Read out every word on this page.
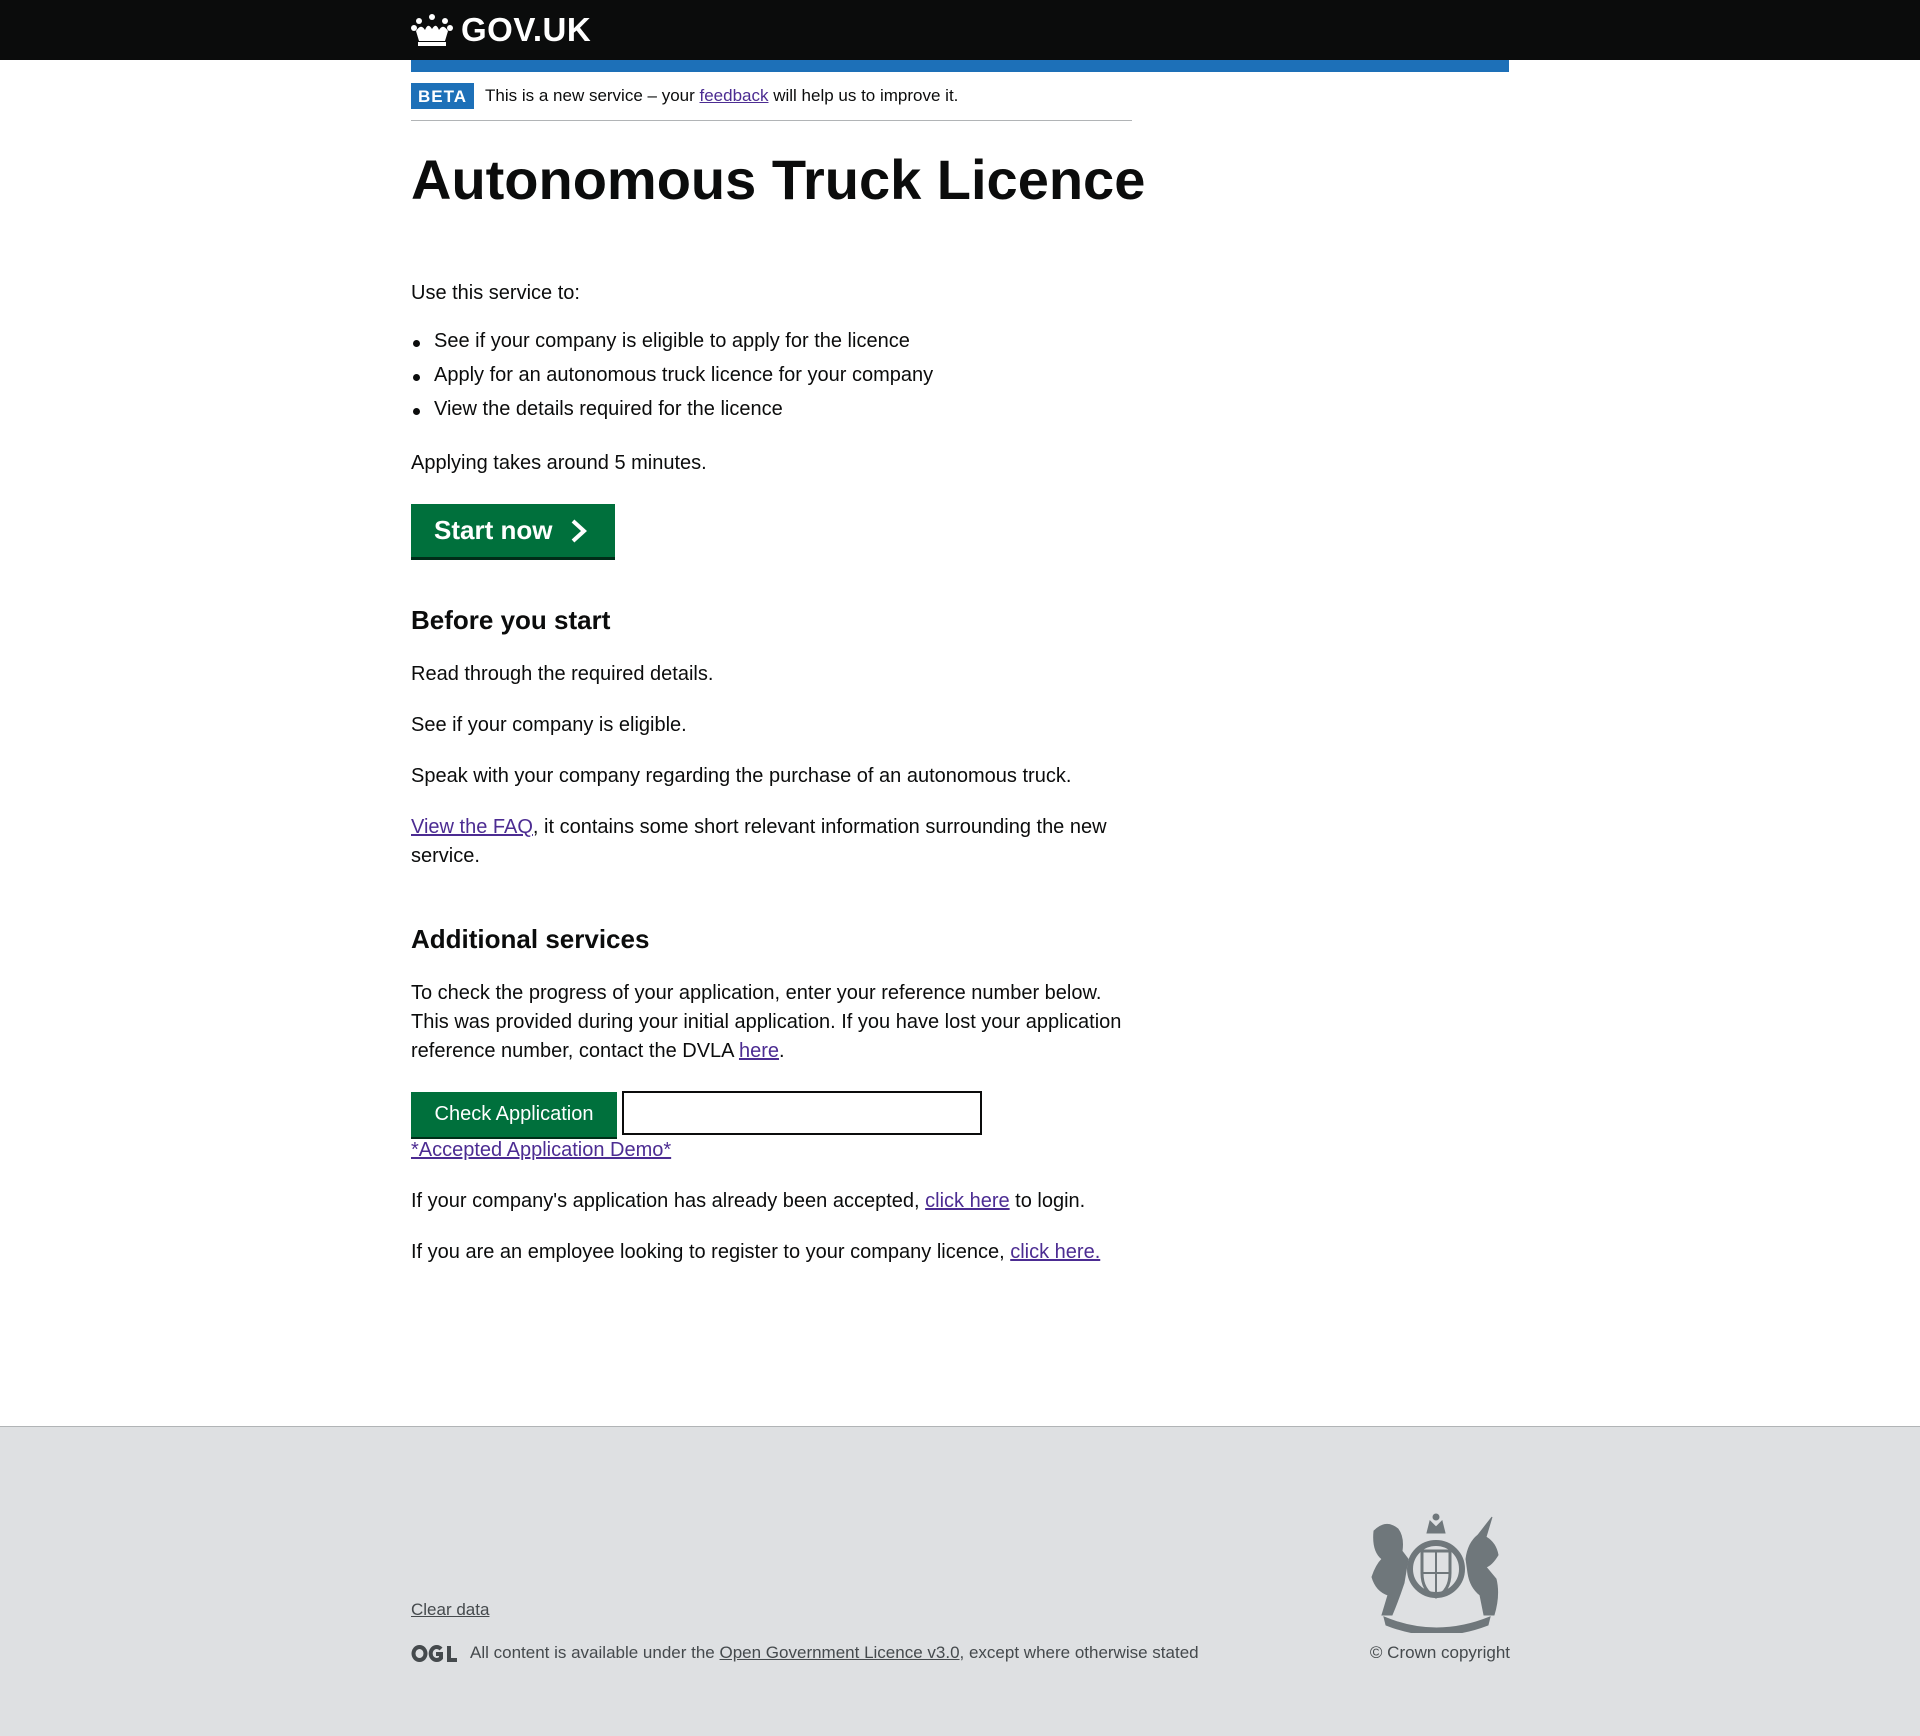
GOV.UK
BETA	This is a new service – your feedback will help us to improve it.
Autonomous Truck Licence

Use this service to:

See if your company is eligible to apply for the licence
Apply for an autonomous truck licence for your company
View the details required for the licence

Applying takes around 5 minutes.

Start now
Before you start

Read through the required details.

See if your company is eligible.

Speak with your company regarding the purchase of an autonomous truck.

View the FAQ, it contains some short relevant information surrounding the new service.

Additional services

To check the progress of your application, enter your reference number below. This was provided during your initial application. If you have lost your application reference number, contact the DVLA here.

Check Application

*Accepted Application Demo*

If your company's application has already been accepted, click here to login.

If you are an employee looking to register to your company licence, click here.

Clear data
All content is available under the Open Government Licence v3.0, except where otherwise stated	© Crown copyright
